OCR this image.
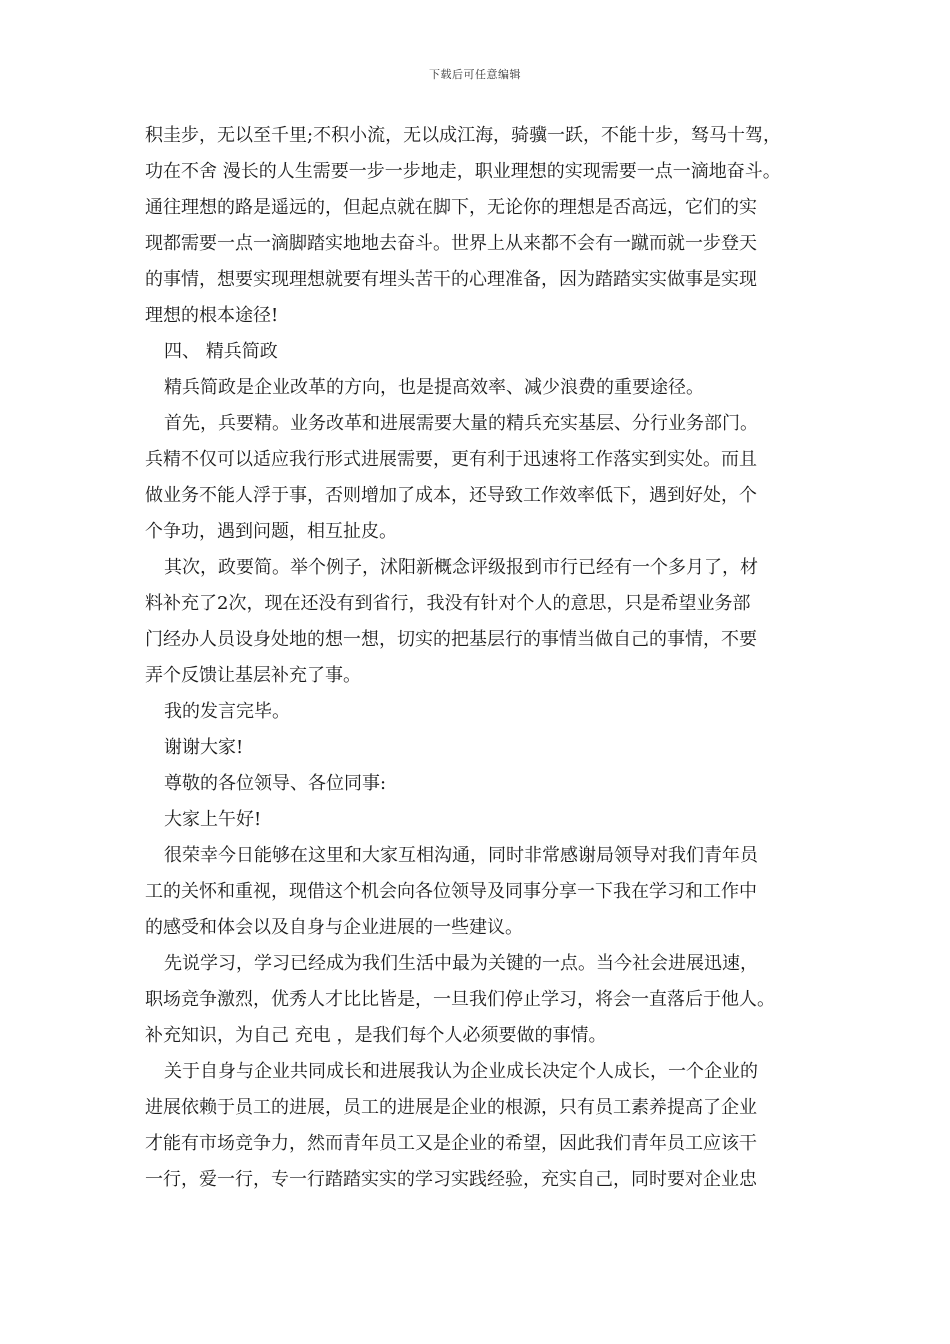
下载后可任意编辑
积圭步，无以至千里;不积小流，无以成江海，骑骥一跃，不能十步，驽马十驾，
功在不舍 漫长的人生需要一步一步地走，职业理想的实现需要一点一滴地奋斗。
通往理想的路是遥远的，但起点就在脚下，无论你的理想是否高远，它们的实
现都需要一点一滴脚踏实地地去奋斗。世界上从来都不会有一蹴而就一步登天
的事情，想要实现理想就要有埋头苦干的心理准备，因为踏踏实实做事是实现
理想的根本途径!
四、 精兵简政
精兵简政是企业改革的方向，也是提高效率、减少浪费的重要途径。
首先，兵要精。业务改革和进展需要大量的精兵充实基层、分行业务部门。
兵精不仅可以适应我行形式进展需要，更有利于迅速将工作落实到实处。而且
做业务不能人浮于事，否则增加了成本，还导致工作效率低下，遇到好处，个
个争功，遇到问题，相互扯皮。
其次，政要简。举个例子，沭阳新概念评级报到市行已经有一个多月了，材
料补充了2次，现在还没有到省行，我没有针对个人的意思，只是希望业务部
门经办人员设身处地的想一想，切实的把基层行的事情当做自己的事情，不要
弄个反馈让基层补充了事。
我的发言完毕。
谢谢大家!
尊敬的各位领导、各位同事:
大家上午好!
很荣幸今日能够在这里和大家互相沟通，同时非常感谢局领导对我们青年员
工的关怀和重视，现借这个机会向各位领导及同事分享一下我在学习和工作中
的感受和体会以及自身与企业进展的一些建议。
先说学习，学习已经成为我们生活中最为关键的一点。当今社会进展迅速，
职场竞争激烈，优秀人才比比皆是，一旦我们停止学习，将会一直落后于他人。
补充知识，为自己 充电 ，是我们每个人必须要做的事情。
关于自身与企业共同成长和进展我认为企业成长决定个人成长，一个企业的
进展依赖于员工的进展，员工的进展是企业的根源，只有员工素养提高了企业
才能有市场竞争力，然而青年员工又是企业的希望，因此我们青年员工应该干
一行，爱一行，专一行踏踏实实的学习实践经验，充实自己，同时要对企业忠
